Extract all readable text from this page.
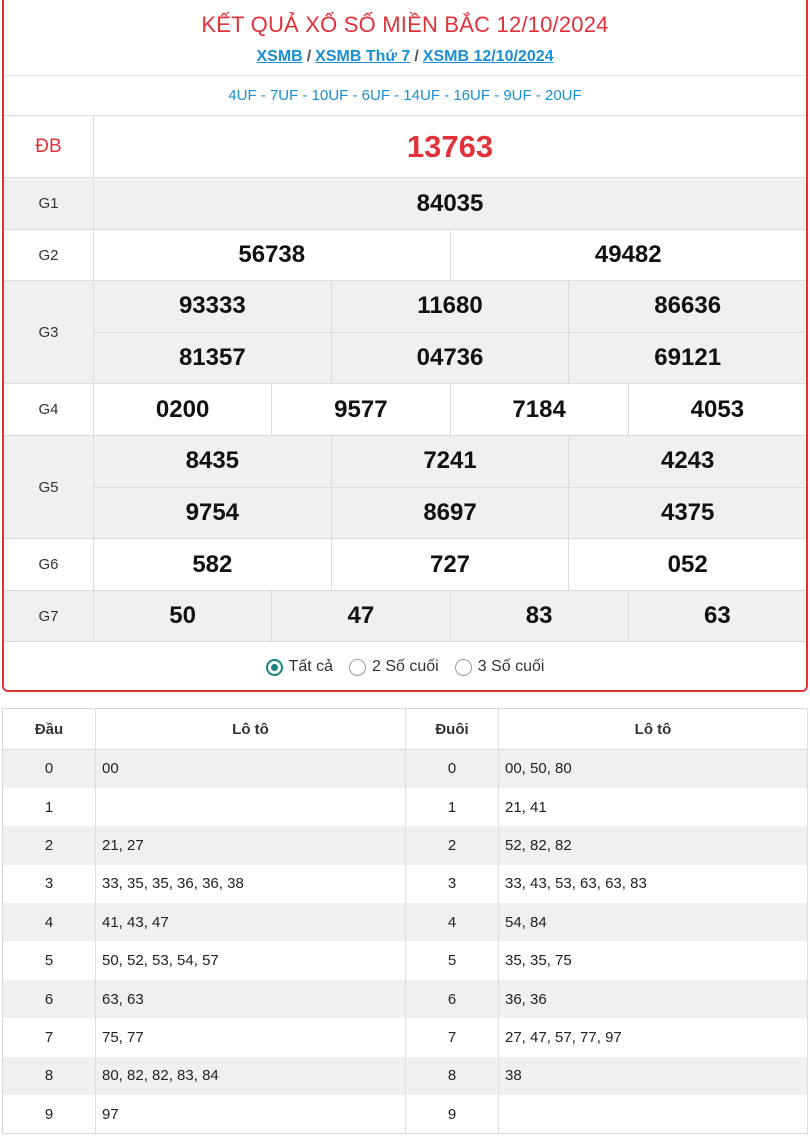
KẾT QUẢ XỔ SỐ MIỀN BẮC 12/10/2024
XSMB / XSMB Thứ 7 / XSMB 12/10/2024
4UF - 7UF - 10UF - 6UF - 14UF - 16UF - 9UF - 20UF
ĐB	13763
G1	84035
G2	56738	49482
G3
93333	11680	86636
81357	04736	69121
G4	0200	9577	7184	4053
G5
8435	7241	4243
9754	8697	4375
G6	582	727	052
G7	50	47	83	63
Tất cả 2 Số cuối 3 Số cuối
Đầu	Lô tô	Đuôi	Lô tô
0	00	0	00, 50, 80
1		1	21, 41
2	21, 27	2	52, 82, 82
3	33, 35, 35, 36, 36, 38	3	33, 43, 53, 63, 63, 83
4	41, 43, 47	4	54, 84
5	50, 52, 53, 54, 57	5	35, 35, 75
6	63, 63	6	36, 36
7	75, 77	7	27, 47, 57, 77, 97
8	80, 82, 82, 83, 84	8	38
9	97	9	
